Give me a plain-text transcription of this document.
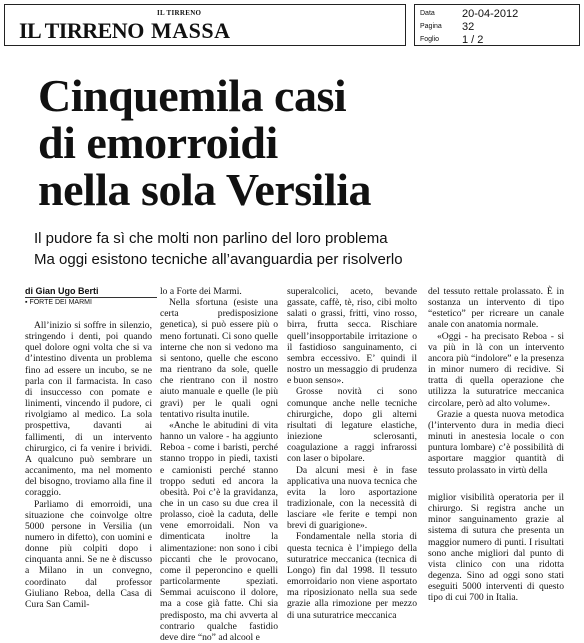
IL TIRRENO
IL TIRRENO MASSA
Data 20-04-2012
Pagina 32
Foglio 1 / 2
Cinquemila casi
di emorroidi
nella sola Versilia
Il pudore fa sì che molti non parlino del loro problema
Ma oggi esistono tecniche all’avanguardia per risolverlo
di Gian Ugo Berti
▪ FORTE DEI MARMI

All’inizio si soffre in silenzio, stringendo i denti, poi quando quel dolore ogni volta che si va d’intestino diventa un problema fino ad essere un incubo, se ne parla con il farmacista. In caso di insuccesso con pomate e linimenti, vincendo il pudore, ci rivolgiamo al medico. La sola prospettiva, davanti ai fallimenti, di un intervento chirurgico, ci fa venire i brividi. A qualcuno può sembrare un accanimento, ma nel momento del bisogno, troviamo alla fine il coraggio.

Parliamo di emorroidi, una situazione che coinvolge oltre 5000 persone in Versilia (un numero in difetto), con uomini e donne più colpiti dopo i cinquanta anni. Se ne è discusso a Milano in un convegno, coordinato dal professor Giuliano Reboa, della Casa di Cura San Camil-

lo a Forte dei Marmi.

Nella sfortuna (esiste una certa predisposizione genetica), si può essere più o meno fortunati. Ci sono quelle interne che non si vedono ma si sentono, quelle che escono ma rientrano da sole, quelle che rientrano con il nostro aiuto manuale e quelle (le più gravi) per le quali ogni tentativo risulta inutile.

«Anche le abitudini di vita hanno un valore - ha aggiunto Reboa - come i baristi, perché stanno troppo in piedi, taxisti e camionisti perché stanno troppo seduti ed ancora la obesità. Poi c’è la gravidanza, che in un caso su due crea il prolasso, cioè la caduta, delle vene emorroidali. Non va dimenticata inoltre la alimentazione: non sono i cibi piccanti che le provocano, come il peperoncino e quelli particolarmente speziati. Semmai acuiscono il dolore, ma a cose già fatte. Chi sia predisposto, ma chi avverta al contrario qualche fastidio deve dire “no” ad alcool e

superalcolici, aceto, bevande gassate, caffè, tè, riso, cibi molto salati o grassi, fritti, vino rosso, birra, frutta secca. Rischiare quell’insopportabile irritazione o il fastidioso sanguinamento, ci sembra eccessivo. E’ quindi il nostro un messaggio di prudenza e buon senso».

Grosse novità ci sono comunque anche nelle tecniche chirurgiche, dopo gli alterni risultati di legature elastiche, iniezione sclerosanti, coagulazione a raggi infrarossi con laser o bipolare.

Da alcuni mesi è in fase applicativa una nuova tecnica che evita la loro asportazione tradizionale, con la necessità di lasciare «le ferite e tempi non brevi di guarigione».

Fondamentale nella storia di questa tecnica è l’impiego della suturatrice meccanica (tecnica di Longo) fin dal 1998. Il tessuto emorroidario non viene asportato ma riposizionato nella sua sede grazie alla rimozione per mezzo di una suturatrice meccanica

del tessuto rettale prolassato. È in sostanza un intervento di tipo “estetico” per ricreare un canale anale con anatomia normale.

«Oggi - ha precisato Reboa - si va più in là con un intervento ancora più “indolore” e la presenza in minor numero di recidive. Si tratta di quella operazione che utilizza la suturatrice meccanica circolare, però ad alto volume».

Grazie a questa nuova metodica (l’intervento dura in media dieci minuti in anestesia locale o con puntura lombare) c’è possibilità di asportare maggior quantità di tessuto prolassato in virtù della

miglior visibilità operatoria per il chirurgo. Si registra anche un minor sanguinamento grazie al sistema di sutura che presenta un maggior numero di punti. I risultati sono anche migliori dal punto di vista clinico con una ridotta degenza. Sino ad oggi sono stati eseguiti 5000 interventi di questo tipo di cui 700 in Italia.
